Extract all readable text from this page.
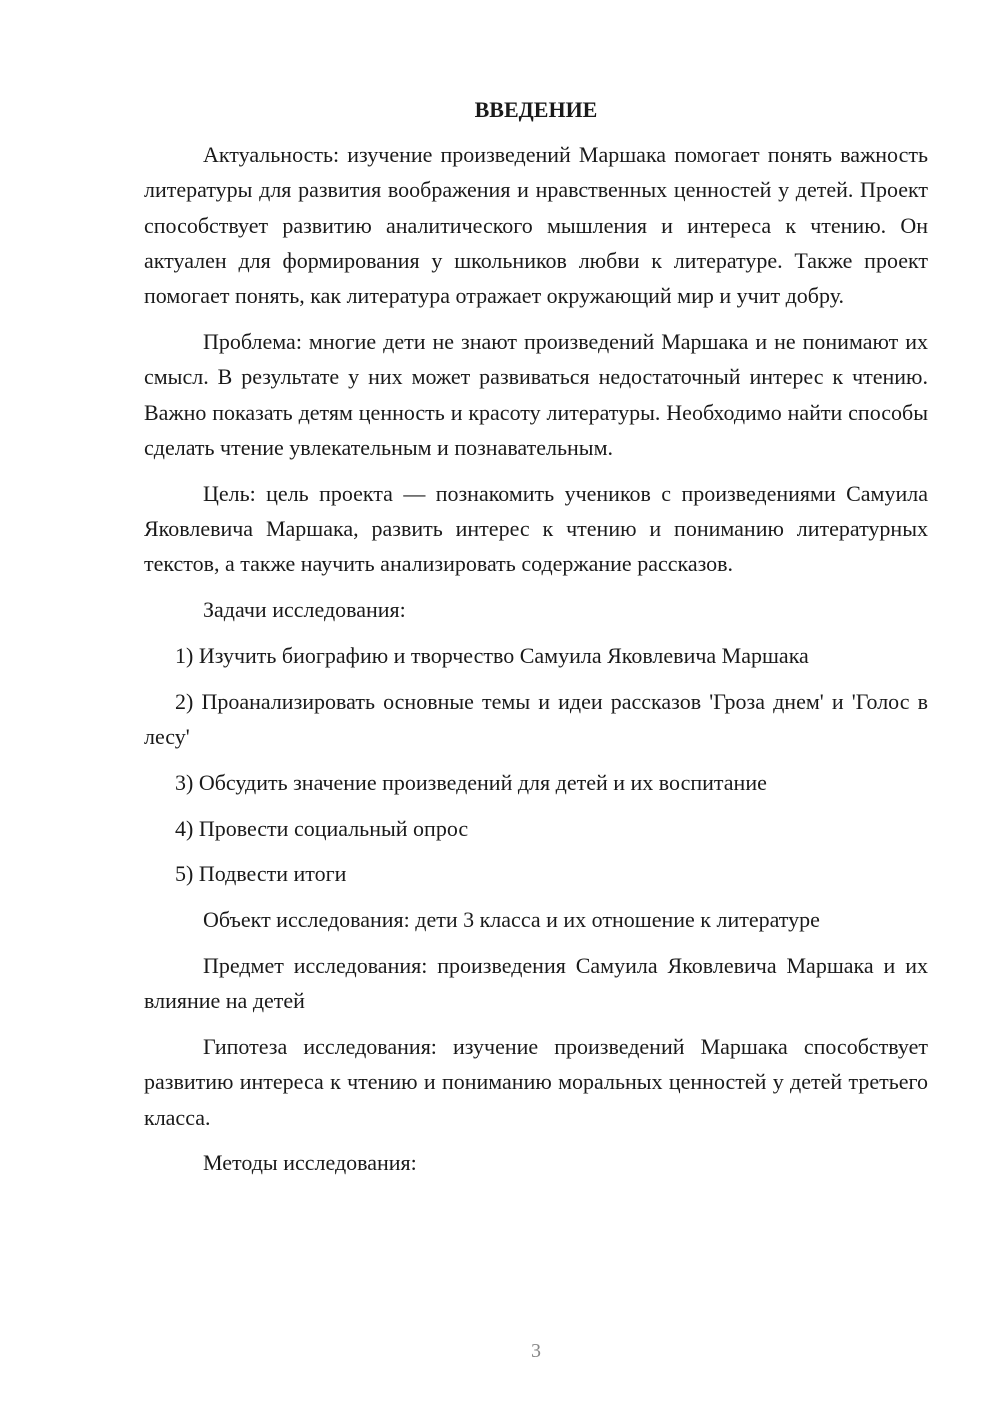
ВВЕДЕНИЕ

Актуальность: изучение произведений Маршака помогает понять важность литературы для развития воображения и нравственных ценностей у детей. Проект способствует развитию аналитического мышления и интереса к чтению. Он актуален для формирования у школьников любви к литературе. Также проект помогает понять, как литература отражает окружающий мир и учит добру.

Проблема: многие дети не знают произведений Маршака и не понимают их смысл. В результате у них может развиваться недостаточный интерес к чтению. Важно показать детям ценность и красоту литературы. Необходимо найти способы сделать чтение увлекательным и познавательным.

Цель: цель проекта — познакомить учеников с произведениями Самуила Яковлевича Маршака, развить интерес к чтению и пониманию литературных текстов, а также научить анализировать содержание рассказов.

Задачи исследования:

1) Изучить биографию и творчество Самуила Яковлевича Маршака

2) Проанализировать основные темы и идеи рассказов 'Гроза днем' и 'Голос в лесу'

3) Обсудить значение произведений для детей и их воспитание

4) Провести социальный опрос

5) Подвести итоги

Объект исследования: дети 3 класса и их отношение к литературе

Предмет исследования: произведения Самуила Яковлевича Маршака и их влияние на детей

Гипотеза исследования: изучение произведений Маршака способствует развитию интереса к чтению и пониманию моральных ценностей у детей третьего класса.

Методы исследования:

3
